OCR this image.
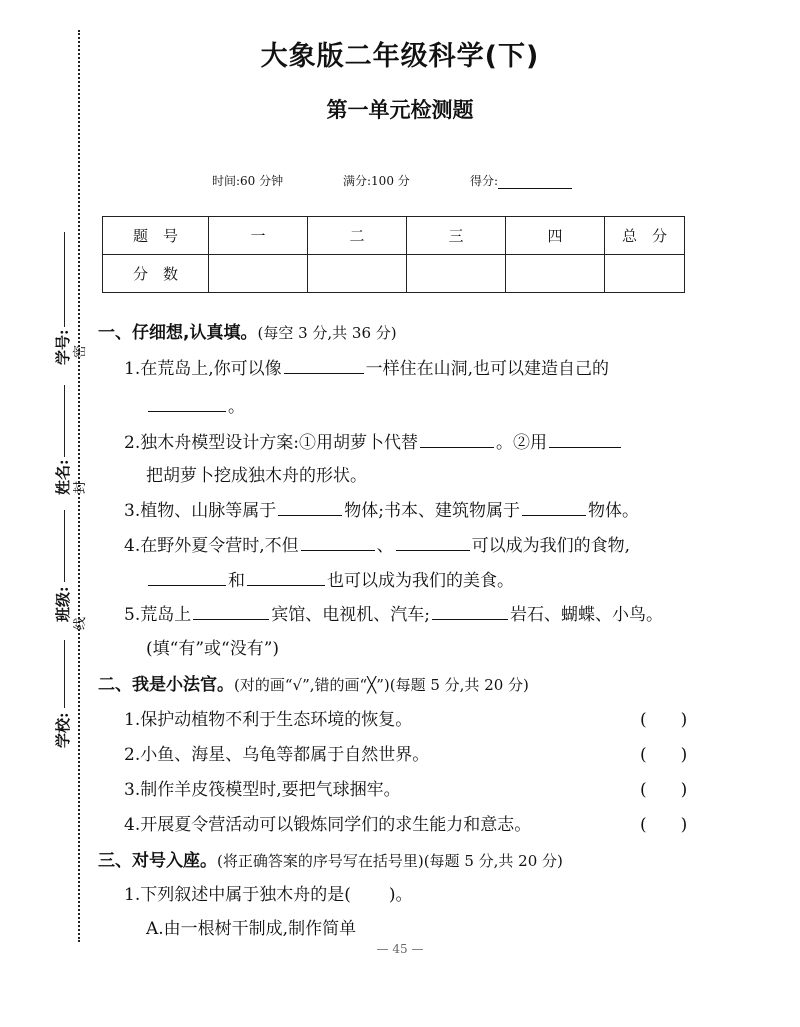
学号:
姓名:
班级:
学校:
密
封
线
大象版二年级科学(下)
第一单元检测题
时间:60 分钟	满分:100 分	得分:
题　号	一	二	三	四	总　分
分　数					
一、仔细想,认真填。(每空 3 分,共 36 分)
1.在荒岛上,你可以像	一样住在山洞,也可以建造自己的
。
2.独木舟模型设计方案:①用胡萝卜代替	。②用
把胡萝卜挖成独木舟的形状。
3.植物、山脉等属于	物体;书本、建筑物属于	物体。
4.在野外夏令营时,不但	、	可以成为我们的食物,
和	也可以成为我们的美食。
5.荒岛上	宾馆、电视机、汽车;	岩石、蝴蝶、小鸟。
(填“有”或“没有”)
二、我是小法官。(对的画“√”,错的画“╳”)(每题 5 分,共 20 分)
1.保护动植物不利于生态环境的恢复。	(　　)
2.小鱼、海星、乌龟等都属于自然世界。	(　　)
3.制作羊皮筏模型时,要把气球捆牢。	(　　)
4.开展夏令营活动可以锻炼同学们的求生能力和意志。	(　　)
三、对号入座。(将正确答案的序号写在括号里)(每题 5 分,共 20 分)
1.下列叙述中属于独木舟的是( )。
A.由一根树干制成,制作简单
— 45 —
